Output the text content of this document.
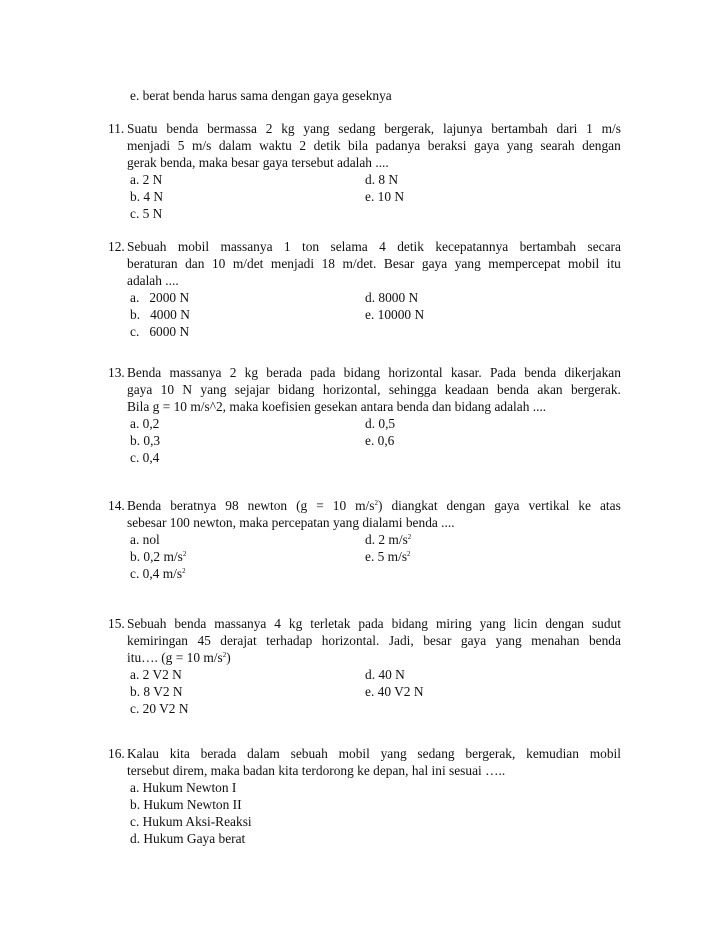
e. berat benda harus sama dengan gaya geseknya
11. Suatu benda bermassa 2 kg yang sedang bergerak, lajunya bertambah dari 1 m/s
menjadi 5 m/s dalam waktu 2 detik bila padanya beraksi gaya yang searah dengan
gerak benda, maka besar gaya tersebut adalah ....
a. 2 N	d. 8 N
b. 4 N	e. 10 N
c. 5 N
12. Sebuah mobil massanya 1 ton selama 4 detik kecepatannya bertambah secara
beraturan dan 10 m/det menjadi 18 m/det. Besar gaya yang mempercepat mobil itu
adalah ....
a.   2000 N	d. 8000 N
b.   4000 N	e. 10000 N
c.   6000 N
13. Benda massanya 2 kg berada pada bidang horizontal kasar. Pada benda dikerjakan
gaya 10 N yang sejajar bidang horizontal, sehingga keadaan benda akan bergerak.
Bila g = 10 m/s^2, maka koefisien gesekan antara benda dan bidang adalah ....
a. 0,2	d. 0,5
b. 0,3	e. 0,6
c. 0,4
14. Benda beratnya 98 newton (g = 10 $m/s^2$) diangkat dengan gaya vertikal ke atas
sebesar 100 newton, maka percepatan yang dialami benda ....
a. nol	d. 2 $m/s^2$
b. 0,2 $m/s^2$	e. 5 $m/s^2$
c. 0,4 $m/s^2$
15. Sebuah benda massanya 4 kg terletak pada bidang miring yang licin dengan sudut
kemiringan 45 derajat terhadap horizontal. Jadi, besar gaya yang menahan benda
itu…. (g = 10 $m/s^2$)
a. 2 V2 N	d. 40 N
b. 8 V2 N	e. 40 V2 N
c. 20 V2 N
16. Kalau kita berada dalam sebuah mobil yang sedang bergerak, kemudian mobil
tersebut direm, maka badan kita terdorong ke depan, hal ini sesuai …..
a. Hukum Newton I
b. Hukum Newton II
c. Hukum Aksi-Reaksi
d. Hukum Gaya berat
